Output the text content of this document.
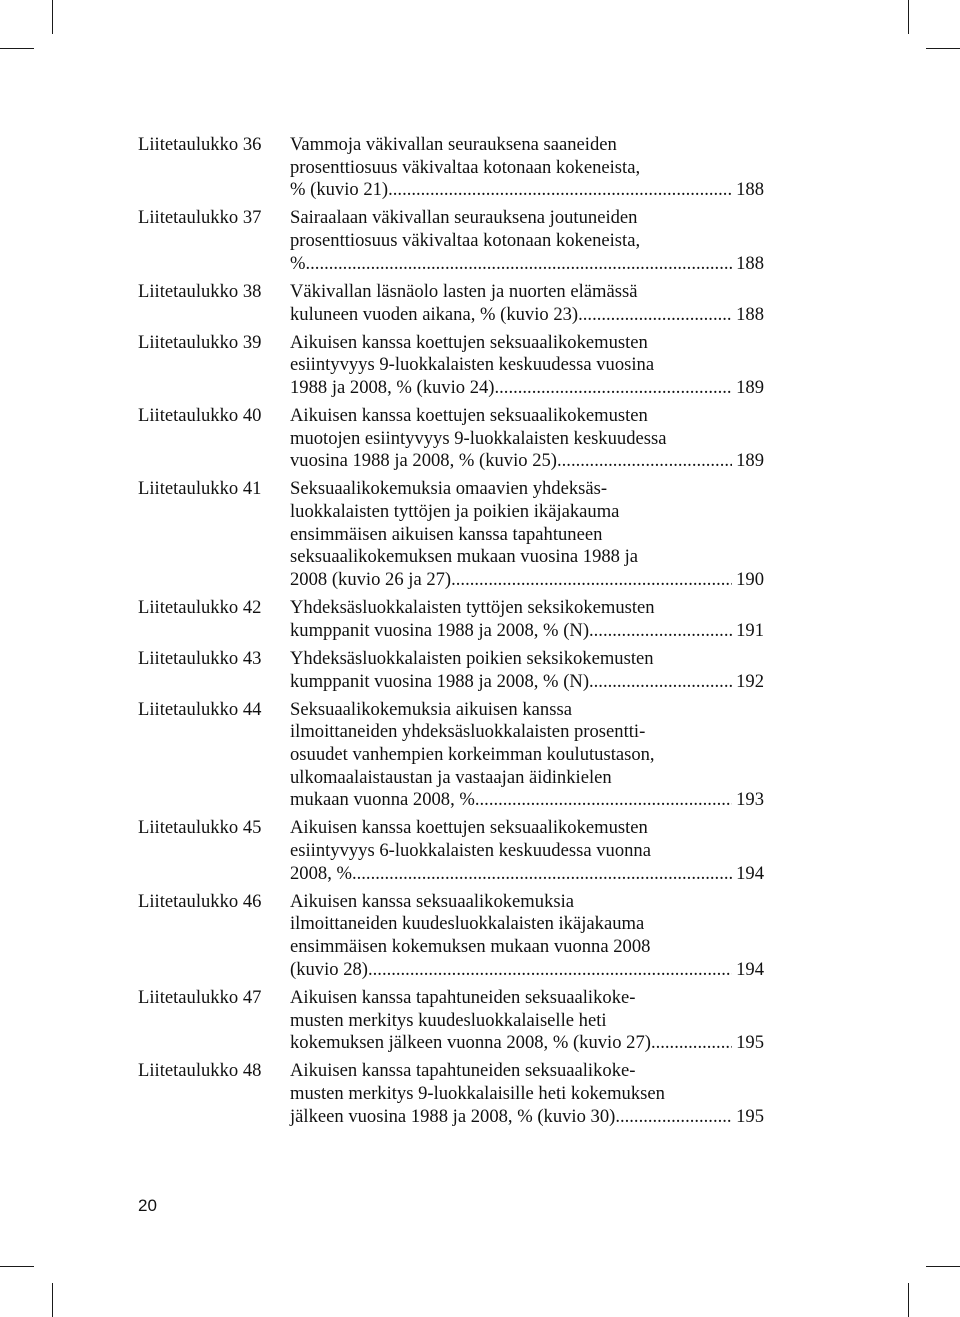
Liitetaulukko 36	Vammoja väkivallan seurauksena saaneiden
prosenttiosuus väkivaltaa kotonaan kokeneista,
% (kuvio 21). .....	188
Liitetaulukko 37	Sairaalaan väkivallan seurauksena joutuneiden
prosenttiosuus väkivaltaa kotonaan kokeneista,
%. .....	188
Liitetaulukko 38	Väkivallan läsnäolo lasten ja nuorten elämässä
kuluneen vuoden aikana, % (kuvio 23). .....	188
Liitetaulukko 39	Aikuisen kanssa koettujen seksuaalikokemusten
esiintyvyys 9-luokkalaisten keskuudessa vuosina
1988 ja 2008, % (kuvio 24). .....	189
Liitetaulukko 40	Aikuisen kanssa koettujen seksuaalikokemusten
muotojen esiintyvyys 9-luokkalaisten keskuudessa
vuosina 1988 ja 2008, % (kuvio 25). .....	189
Liitetaulukko 41	Seksuaalikokemuksia omaavien yhdeksäs-
luokkalaisten tyttöjen ja poikien ikäjakauma
ensimmäisen aikuisen kanssa tapahtuneen
seksuaalikokemuksen mukaan vuosina 1988 ja
2008 (kuvio 26 ja 27). .....	190
Liitetaulukko 42	Yhdeksäsluokkalaisten tyttöjen seksikokemusten
kumppanit vuosina 1988 ja 2008, % (N). .....	191
Liitetaulukko 43	Yhdeksäsluokkalaisten poikien seksikokemusten
kumppanit vuosina 1988 ja 2008, % (N). .....	192
Liitetaulukko 44	Seksuaalikokemuksia aikuisen kanssa
ilmoittaneiden yhdeksäsluokkalaisten prosentti-
osuudet vanhempien korkeimman koulutustason,
ulkomaalaistaustan ja vastaajan äidinkielen
mukaan vuonna 2008, %. .....	193
Liitetaulukko 45	Aikuisen kanssa koettujen seksuaalikokemusten
esiintyvyys 6-luokkalaisten keskuudessa vuonna
2008, %. .....	194
Liitetaulukko 46	Aikuisen kanssa seksuaalikokemuksia
ilmoittaneiden kuudesluokkalaisten ikäjakauma
ensimmäisen kokemuksen mukaan vuonna 2008
(kuvio 28). .....	194
Liitetaulukko 47	Aikuisen kanssa tapahtuneiden seksuaalikoke-
musten merkitys kuudesluokkalaiselle heti
kokemuksen jälkeen vuonna 2008, % (kuvio 27). .....	195
Liitetaulukko 48	Aikuisen kanssa tapahtuneiden seksuaalikoke-
musten merkitys 9-luokkalaisille heti kokemuksen
jälkeen vuosina 1988 ja 2008, % (kuvio 30). .....	195
20
